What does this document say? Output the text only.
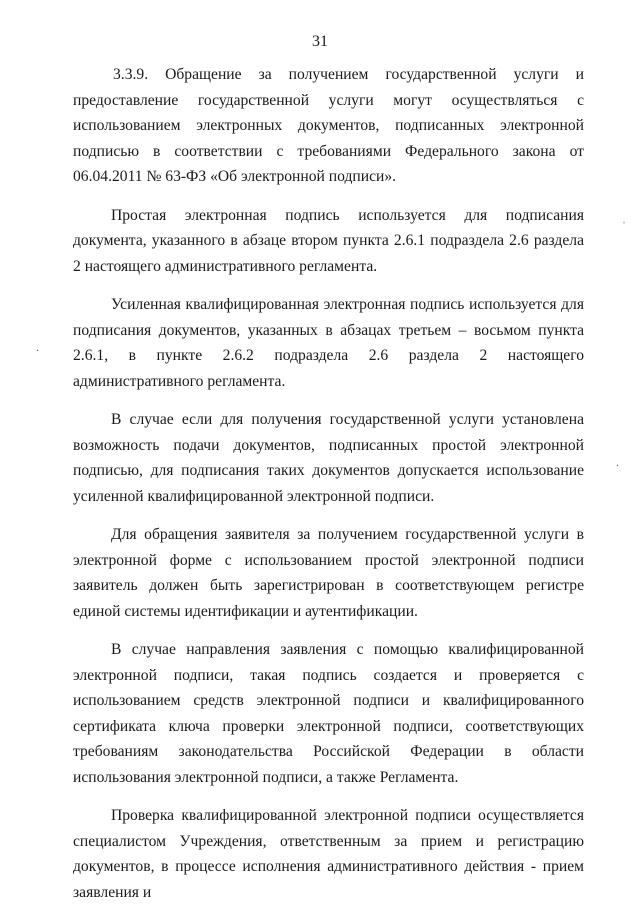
31

3.3.9. Обращение за получением государственной услуги и предоставление государственной услуги могут осуществляться с использованием электронных документов, подписанных электронной подписью в соответствии с требованиями Федерального закона от 06.04.2011 № 63-ФЗ «Об электронной подписи».

Простая электронная подпись используется для подписания документа, указанного в абзаце втором пункта 2.6.1 подраздела 2.6 раздела 2 настоящего административного регламента.

Усиленная квалифицированная электронная подпись используется для подписания документов, указанных в абзацах третьем – восьмом пункта 2.6.1, в пункте 2.6.2 подраздела 2.6 раздела 2 настоящего административного регламента.

В случае если для получения государственной услуги установлена возможность подачи документов, подписанных простой электронной подписью, для подписания таких документов допускается использование усиленной квалифицированной электронной подписи.

Для обращения заявителя за получением государственной услуги в электронной форме с использованием простой электронной подписи заявитель должен быть зарегистрирован в соответствующем регистре единой системы идентификации и аутентификации.

В случае направления заявления с помощью квалифицированной электронной подписи, такая подпись создается и проверяется с использованием средств электронной подписи и квалифицированного сертификата ключа проверки электронной подписи, соответствующих требованиям законодательства Российской Федерации в области использования электронной подписи, а также Регламента.

Проверка квалифицированной электронной подписи осуществляется специалистом Учреждения, ответственным за прием и регистрацию документов, в процессе исполнения административного действия - прием заявления и

ˌ
.
.
